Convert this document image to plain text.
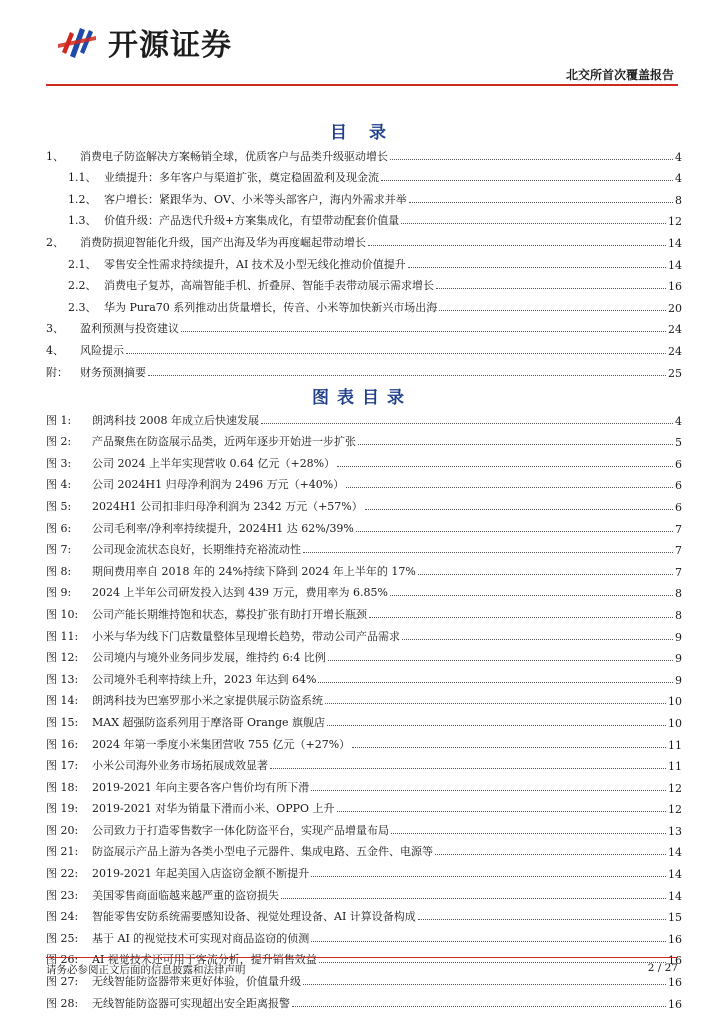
开源证券
北交所首次覆盖报告
目 录
1、	消费电子防盗解决方案畅销全球，优质客户与品类升级驱动增长	4
1.1、 业绩提升：多年客户与渠道扩张，奠定稳固盈利及现金流	4
1.2、 客户增长：紧跟华为、OV、小米等头部客户，海内外需求并举	8
1.3、 价值升级：产品迭代升级+方案集成化，有望带动配套价值量	12
2、	消费防损迎智能化升级，国产出海及华为再度崛起带动增长	14
2.1、 零售安全性需求持续提升，AI 技术及小型无线化推动价值提升	14
2.2、 消费电子复苏，高端智能手机、折叠屏、智能手表带动展示需求增长	16
2.3、 华为 Pura70 系列推动出货量增长，传音、小米等加快新兴市场出海	20
3、	盈利预测与投资建议	24
4、	风险提示	24
附：	财务预测摘要	25
图表目录
图 1:	朗鸿科技 2008 年成立后快速发展	4
图 2:	产品聚焦在防盗展示品类，近两年逐步开始进一步扩张	5
图 3:	公司 2024 上半年实现营收 0.64 亿元（+28%）	6
图 4:	公司 2024H1 归母净利润为 2496 万元（+40%）	6
图 5:	2024H1 公司扣非归母净利润为 2342 万元（+57%）	6
图 6:	公司毛利率/净利率持续提升，2024H1 达 62%/39%	7
图 7:	公司现金流状态良好，长期维持充裕流动性	7
图 8:	期间费用率自 2018 年的 24%持续下降到 2024 年上半年的 17%	7
图 9:	2024 上半年公司研发投入达到 439 万元，费用率为 6.85%	8
图 10:	公司产能长期维持饱和状态，募投扩张有助打开增长瓶颈	8
图 11:	小米与华为线下门店数量整体呈现增长趋势，带动公司产品需求	9
图 12:	公司境内与境外业务同步发展，维持约 6:4 比例	9
图 13:	公司境外毛利率持续上升，2023 年达到 64%	9
图 14:	朗鸿科技为巴塞罗那小米之家提供展示防盗系统	10
图 15:	MAX 超强防盗系列用于摩洛哥 Orange 旗舰店	10
图 16:	2024 年第一季度小米集团营收 755 亿元（+27%）	11
图 17:	小米公司海外业务市场拓展成效显著	11
图 18:	2019-2021 年向主要各客户售价均有所下滑	12
图 19:	2019-2021 对华为销量下滑而小米、OPPO 上升	12
图 20:	公司致力于打造零售数字一体化防盗平台，实现产品增量布局	13
图 21:	防盗展示产品上游为各类小型电子元器件、集成电路、五金件、电源等	14
图 22:	2019-2021 年起美国入店盗窃金额不断提升	14
图 23:	美国零售商面临越来越严重的盗窃损失	14
图 24:	智能零售安防系统需要感知设备、视觉处理设备、AI 计算设备构成	15
图 25:	基于 AI 的视觉技术可实现对商品盗窃的侦测	16
图 26:	AI 视觉技术还可用于客流分析，提升销售效益	16
图 27:	无线智能防盗器带来更好体验，价值量升级	16
图 28:	无线智能防盗器可实现超出安全距离报警	16
请务必参阅正文后面的信息披露和法律声明	2 / 27
